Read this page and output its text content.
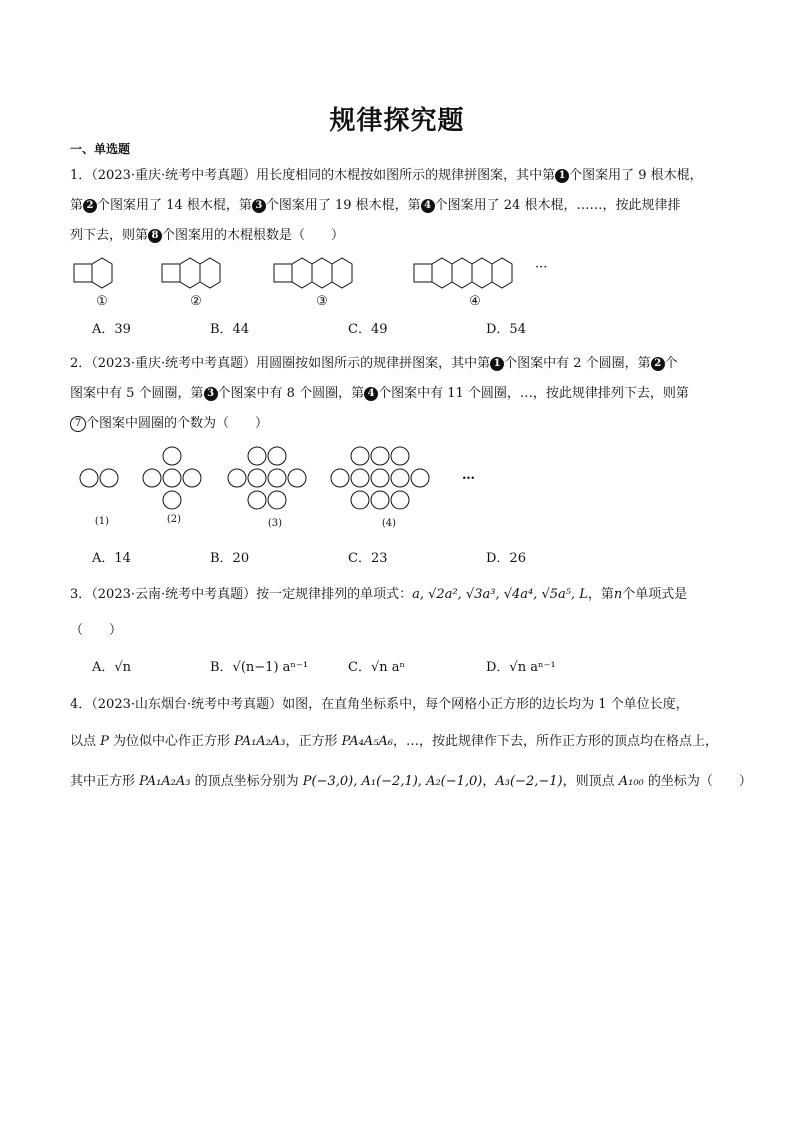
规律探究题
一、单选题
1．（2023·重庆·统考中考真题）用长度相同的木棍按如图所示的规律拼图案，其中第 1 个图案用了 9 根木棍，
第 2 个图案用了 14 根木棍，第 3 个图案用了 19 根木棍，第 4 个图案用了 24 根木棍，……，按此规律排
列下去，则第 8 个图案用的木棍根数是（　　）
···
①	②	③	④
A．39	B．44	C．49	D．54
2．（2023·重庆·统考中考真题）用圆圈按如图所示的规律拼图案，其中第 1 个图案中有 2 个圆圈，第 2 个
图案中有 5 个圆圈，第 3 个图案中有 8 个圆圈，第 4 个图案中有 11 个圆圈，…，按此规律排列下去，则第
7 个图案中圆圈的个数为（　　）
…
(1)	(2)	(3)	(4)
A．14	B．20	C．23	D．26
3．（2023·云南·统考中考真题）按一定规律排列的单项式：a, √2a², √3a³, √4a⁴, √5a⁵, L，第n个单项式是
（　　）
A．√n	B．√(n−1) aⁿ⁻¹	C．√n aⁿ	D．√n aⁿ⁻¹
4．（2023·山东烟台·统考中考真题）如图，在直角坐标系中，每个网格小正方形的边长均为 1 个单位长度，
以点 P 为位似中心作正方形 PA₁A₂A₃，正方形 PA₄A₅A₆，…，按此规律作下去，所作正方形的顶点均在格点上，
其中正方形 PA₁A₂A₃ 的顶点坐标分别为 P(−3,0), A₁(−2,1), A₂(−1,0)，A₃(−2,−1)，则顶点 A₁₀₀ 的坐标为（　　）
